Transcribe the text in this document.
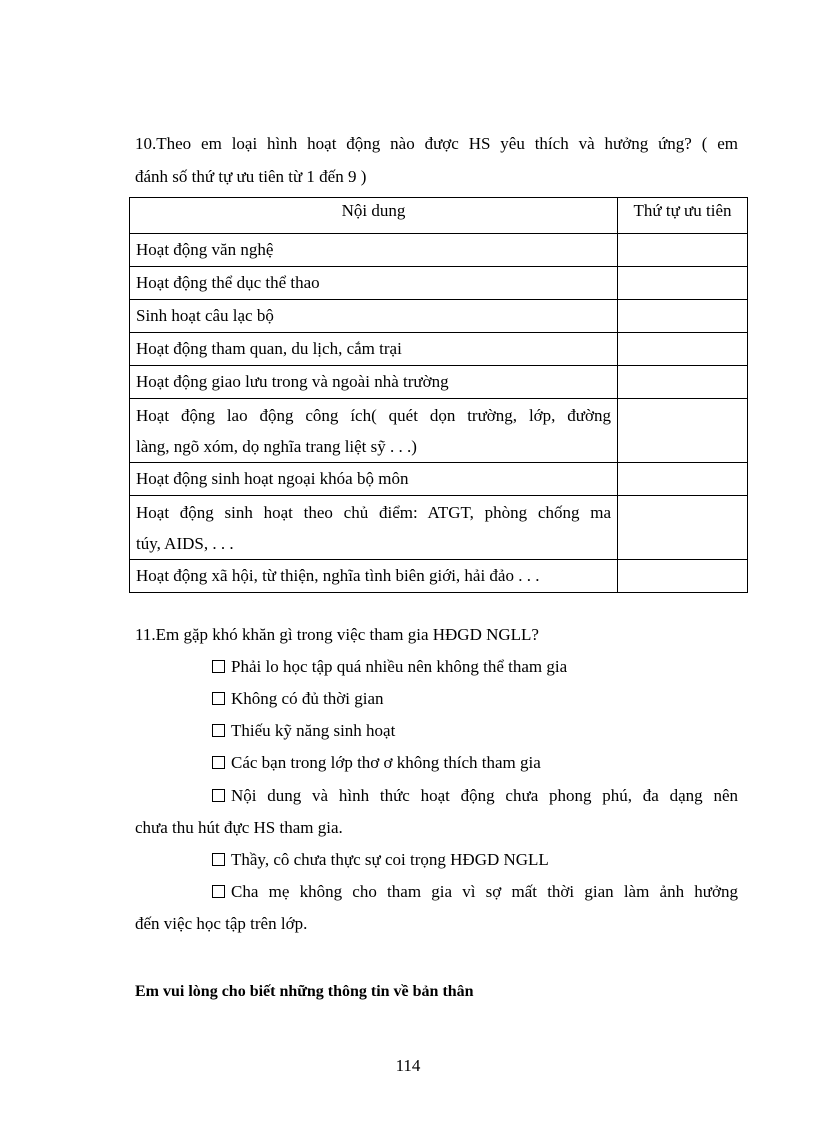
10.Theo em loại hình hoạt động nào được HS yêu thích và hưởng ứng? ( em
đánh số thứ tự ưu tiên từ 1 đến 9 )
Nội dung	Thứ tự ưu tiên
Hoạt động văn nghệ	
Hoạt động thể dục thể thao	
Sinh hoạt câu lạc bộ	
Hoạt động tham quan, du lịch, cắm trại	
Hoạt động giao lưu trong và ngoài nhà trường	

Hoạt động lao động công ích( quét dọn trường, lớp, đường
làng, ngõ xóm, dọ nghĩa trang liệt sỹ . . .)	

Hoạt động sinh hoạt ngoại khóa bộ môn	

Hoạt động sinh hoạt theo chủ điểm: ATGT, phòng chống ma
túy, AIDS, . . .	

Hoạt động xã hội, từ thiện, nghĩa tình biên giới, hải đảo . . .	
11.Em gặp khó khăn gì trong việc tham gia HĐGD NGLL?
Phải lo học tập quá nhiều nên không thể tham gia
Không có đủ thời gian
Thiếu kỹ năng sinh hoạt
Các bạn trong lớp thơ ơ không thích tham gia
Nội dung và hình thức hoạt động chưa phong phú, đa dạng nên
chưa thu hút đực HS tham gia.
Thầy, cô chưa thực sự coi trọng HĐGD NGLL
Cha mẹ không cho tham gia vì sợ mất thời gian làm ảnh hưởng
đến việc học tập trên lớp.
Em vui lòng cho biết những thông tin về bản thân
114
